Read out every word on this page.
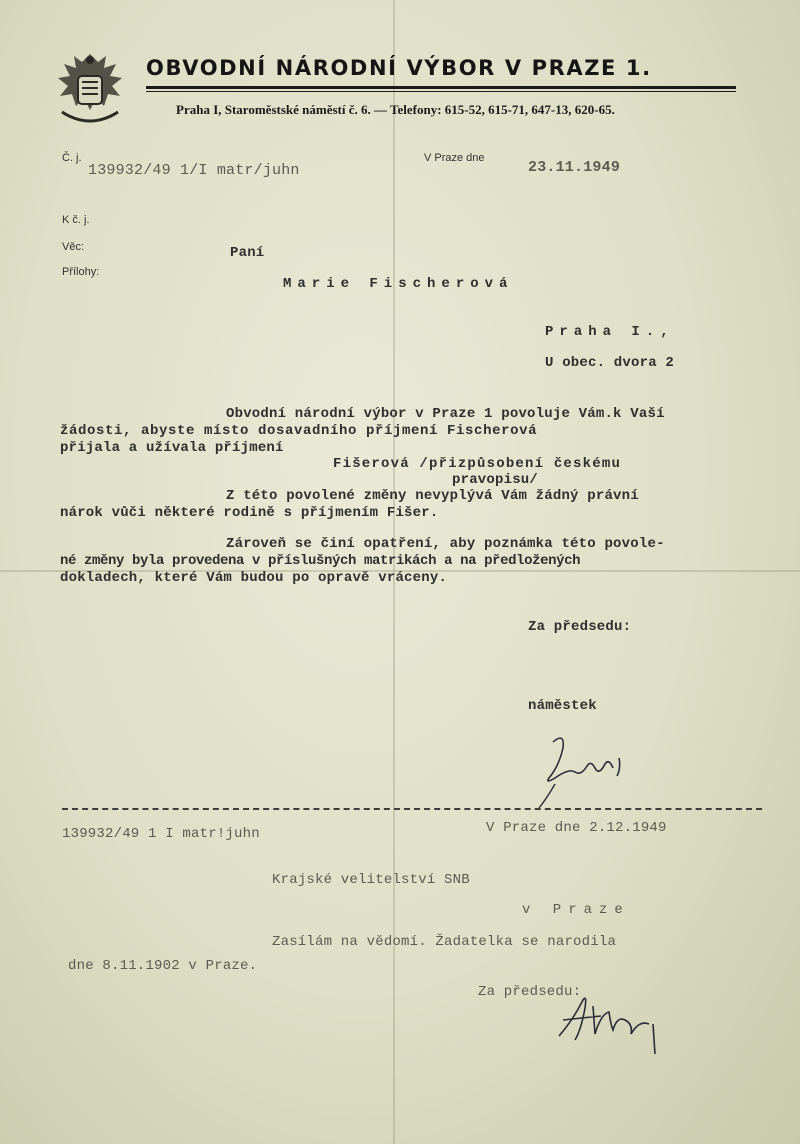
OBVODNÍ NÁRODNÍ VÝBOR V PRAZE 1.
Praha I, Staroměstské náměstí č. 6. — Telefony: 615-52, 615-71, 647-13, 620-65.
Č. j.	V Praze dne
K č. j.
Věc:
Přílohy:
139932/49 1/I matr/juhn	23.11.1949
Paní
Marie Fischerová
Praha I.,
U obec. dvora 2
Obvodní národní výbor v Praze 1 povoluje Vám.k Vaší
žádosti, abyste místo dosavadního příjmení Fischerová
přijala a užívala příjmení
Fišerová /přizpůsobení českému
pravopisu/
Z této povolené změny nevyplývá Vám žádný právní
nárok vůči některé rodině s příjmením Fišer.
Zároveň se činí opatření, aby poznámka této povole-
né změny byla provedena v příslušných matrikách a na předložených
dokladech, které Vám budou po opravě vráceny.
Za předsedu:
náměstek
139932/49 1 I matr!juhn	V Praze dne 2.12.1949
Krajské velitelství SNB
v Praze
Zasílám na vědomí. Žadatelka se narodila
dne 8.11.1902 v Praze.
Za předsedu:
